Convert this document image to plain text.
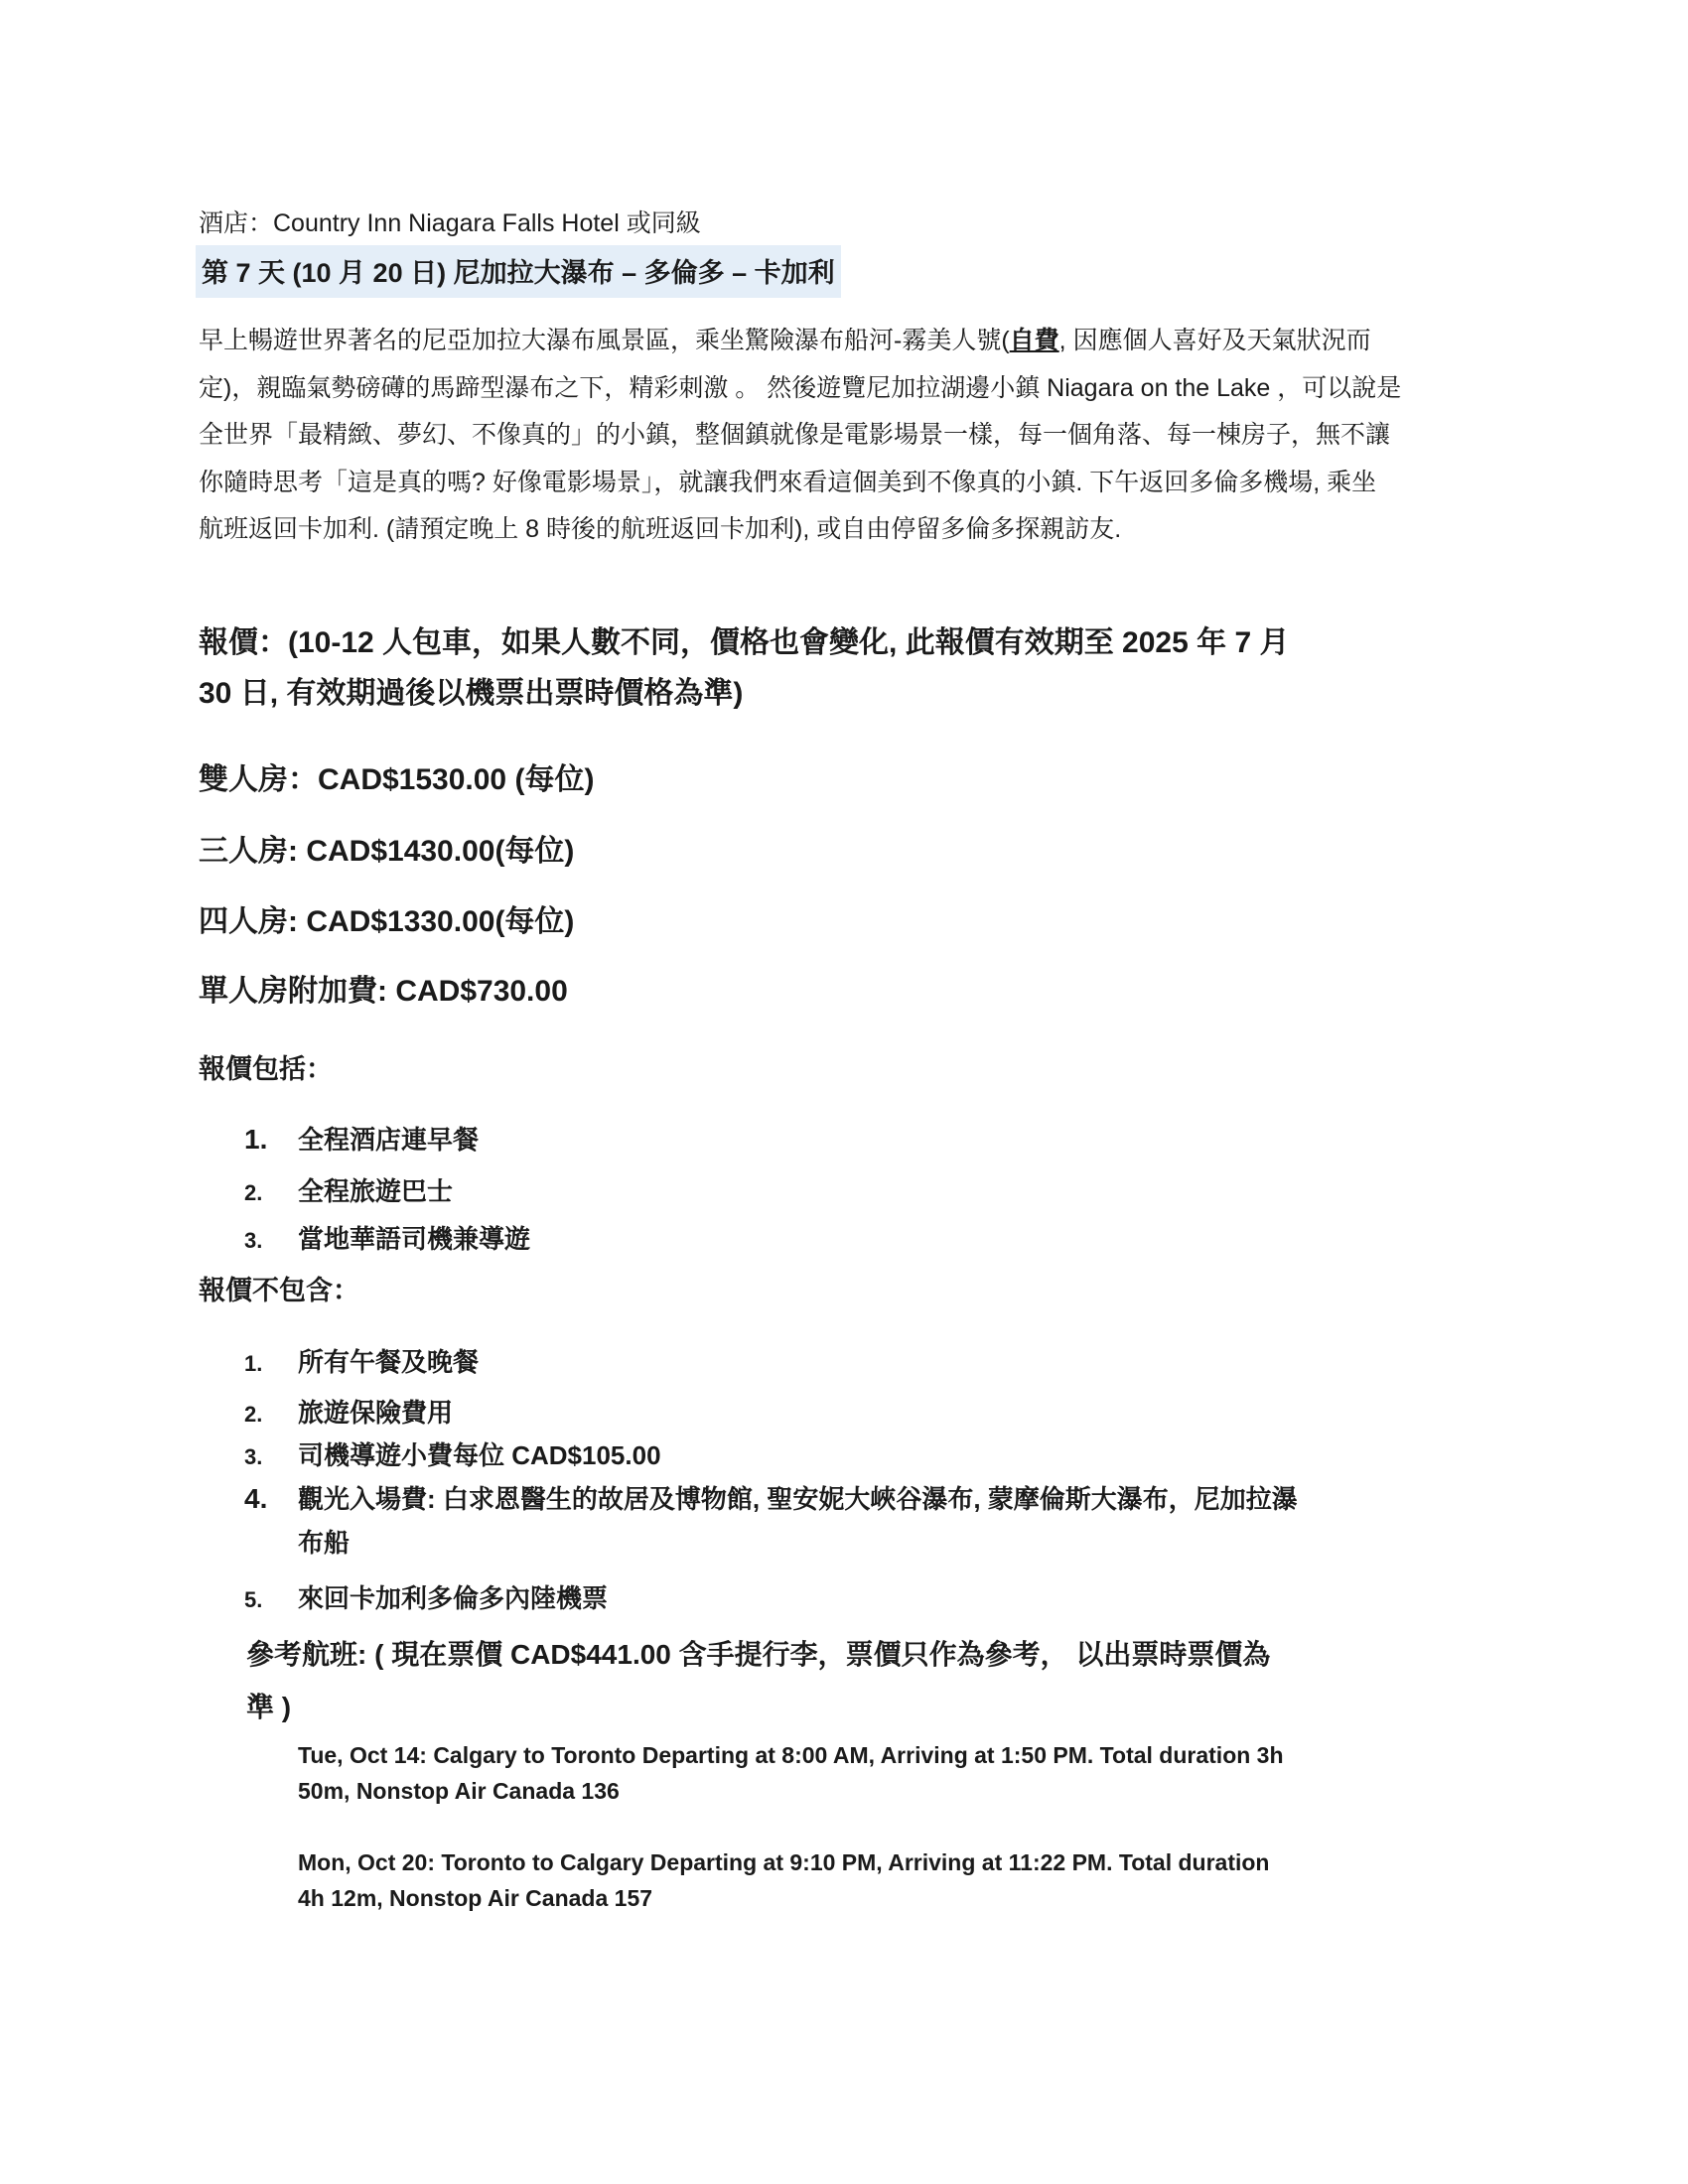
酒店：Country Inn Niagara Falls Hotel 或同級
第 7 天 (10 月 20 日) 尼加拉大瀑布 – 多倫多 – 卡加利
早上暢遊世界著名的尼亞加拉大瀑布風景區，乘坐驚險瀑布船河-霧美人號(自費, 因應個人喜好及天氣狀況而
定)，親臨氣勢磅礡的馬蹄型瀑布之下，精彩刺激 。 然後遊覽尼加拉湖邊小鎮 Niagara on the Lake ，可以說是
全世界「最精緻、夢幻、不像真的」的小鎮，整個鎮就像是電影場景一樣，每一個角落、每一棟房子，無不讓
你隨時思考「這是真的嗎? 好像電影場景」，就讓我們來看這個美到不像真的小鎮. 下午返回多倫多機場, 乘坐
航班返回卡加利. (請預定晚上 8 時後的航班返回卡加利), 或自由停留多倫多探親訪友.
報價：(10-12 人包車，如果人數不同，價格也會變化, 此報價有效期至 2025 年 7 月
30 日, 有效期過後以機票出票時價格為準)
雙人房：CAD$1530.00 (每位)
三人房: CAD$1430.00(每位)
四人房: CAD$1330.00(每位)
單人房附加費: CAD$730.00
報價包括：
1. 全程酒店連早餐
2. 全程旅遊巴士
3. 當地華語司機兼導遊
報價不包含：
1. 所有午餐及晚餐
2. 旅遊保險費用
3. 司機導遊小費每位 CAD$105.00
4. 觀光入場費: 白求恩醫生的故居及博物館, 聖安妮大峽谷瀑布, 蒙摩倫斯大瀑布，尼加拉瀑
布船
5. 來回卡加利多倫多內陸機票
參考航班: ( 現在票價 CAD$441.00 含手提行李，票價只作為參考， 以出票時票價為
準 )
Tue, Oct 14: Calgary to Toronto Departing at 8:00 AM, Arriving at 1:50 PM. Total duration 3h
50m, Nonstop Air Canada 136
Mon, Oct 20: Toronto to Calgary Departing at 9:10 PM, Arriving at 11:22 PM. Total duration
4h 12m, Nonstop Air Canada 157
